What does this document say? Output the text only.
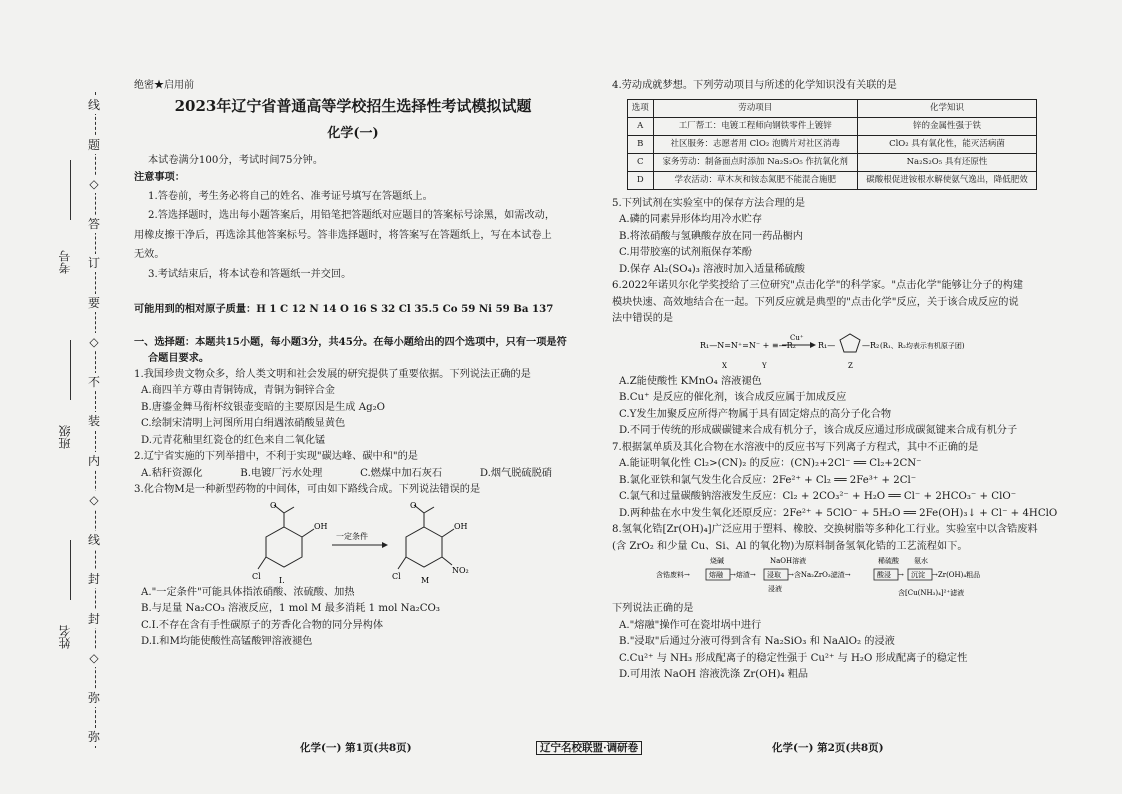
线
题
◇
答
订
要
◇
不
装
内
◇
线
封
封
◇
弥
弥
考号
班级
姓名

绝密★启用前

2023年辽宁省普通高等学校招生选择性考试模拟试题

化学(一)

本试卷满分100分，考试时间75分钟。

注意事项：

1.答卷前，考生务必将自己的姓名、准考证号填写在答题纸上。

2.答选择题时，选出每小题答案后，用铅笔把答题纸对应题目的答案标号涂黑，如需改动，

用橡皮擦干净后，再选涂其他答案标号。答非选择题时，将答案写在答题纸上，写在本试卷上

无效。

3.考试结束后，将本试卷和答题纸一并交回。

可能用到的相对原子质量：H 1 C 12 N 14 O 16 S 32 Cl 35.5 Co 59 Ni 59 Ba 137

一、选择题：本题共15小题，每小题3分，共45分。在每小题给出的四个选项中，只有一项是符

合题目要求。

1.我国珍贵文物众多，给人类文明和社会发展的研究提供了重要依据。下列说法正确的是

A.商四羊方尊由青铜铸成，青铜为铜锌合金

B.唐鎏金舞马衔杯纹银壶变暗的主要原因是生成 Ag₂O

C.绘制宋清明上河图所用白绢遇浓硝酸显黄色

D.元青花釉里红瓷仓的红色来自二氧化锰

2.辽宁省实施的下列举措中，不利于实现"碳达峰、碳中和"的是

A.秸秆资源化	B.电镀厂污水处理	C.燃煤中加石灰石	D.烟气脱硫脱硝

3.化合物M是一种新型药物的中间体，可由如下路线合成。下列说法错误的是

OH
O
Cl
一定条件
OH
O
Cl
NO₂
I.	M

A."一定条件"可能具体指浓硝酸、浓硫酸、加热

B.与足量 Na₂CO₃ 溶液反应，1 mol M 最多消耗 1 mol Na₂CO₃

C.I.不存在含有手性碳原子的芳香化合物的同分异构体

D.I.和M均能使酸性高锰酸钾溶液褪色

4.劳动成就梦想。下列劳动项目与所述的化学知识没有关联的是

选项	劳动项目	化学知识
A	工厂帮工：电镀工程师向钢铁零件上镀锌	锌的金属性强于铁
B	社区服务：志愿者用 ClO₂ 泡腾片对社区消毒	ClO₂ 具有氧化性，能灭活病菌
C	家务劳动：制备面点时添加 Na₂S₂O₅ 作抗氧化剂	Na₂S₂O₅ 具有还原性
D	学农活动：草木灰和铵态氮肥不能混合施肥	碳酸根促进铵根水解使氨气逸出，降低肥效

5.下列试剂在实验室中的保存方法合理的是

A.磷的同素异形体均用冷水贮存

B.将浓硝酸与氢碘酸存放在同一药品橱内

C.用带胶塞的试剂瓶保存苯酚

D.保存 Al₂(SO₄)₃ 溶液时加入适量稀硫酸

6.2022年诺贝尔化学奖授给了三位研究"点击化学"的科学家。"点击化学"能够让分子的构建

模块快速、高效地结合在一起。下列反应就是典型的"点击化学"反应，关于该合成反应的说

法中错误的是

R₁—N=N⁺=N⁻ + ≡—R₂
Cu⁺
R₁—	—R₂ (R₁、R₂均表示有机原子团)
X	Y	Z

A.Z能使酸性 KMnO₄ 溶液褪色

B.Cu⁺ 是反应的催化剂，该合成反应属于加成反应

C.Y发生加聚反应所得产物属于具有固定熔点的高分子化合物

D.不同于传统的形成碳碳键来合成有机分子，该合成反应通过形成碳氮键来合成有机分子

7.根据氯单质及其化合物在水溶液中的反应书写下列离子方程式，其中不正确的是

A.能证明氧化性 Cl₂>(CN)₂ 的反应：(CN)₂+2Cl⁻ ══ Cl₂+2CN⁻

B.氯化亚铁和氯气发生化合反应：2Fe²⁺ + Cl₂ ══ 2Fe³⁺ + 2Cl⁻

C.氯气和过量碳酸钠溶液发生反应：Cl₂ + 2CO₃²⁻ + H₂O ══ Cl⁻ + 2HCO₃⁻ + ClO⁻

D.两种盐在水中发生氧化还原反应：2Fe²⁺ + 5ClO⁻ + 5H₂O ══ 2Fe(OH)₃↓ + Cl⁻ + 4HClO

8.氢氧化锆[Zr(OH)₄]广泛应用于塑料、橡胶、交换树脂等多种化工行业。实验室中以含锆废料

(含 ZrO₂ 和少量 Cu、Si、Al 的氧化物)为原料制备氢氧化锆的工艺流程如下。

烧碱	NaOH溶液	稀硫酸 氨水
含锆废料→	熔融 →熔渣→ 浸取 →含Na₂ZrO₃滤渣→	酸浸 → 沉淀 →Zr(OH)₄粗品
浸液	含[Cu(NH₃)₄]²⁺滤液

下列说法正确的是

A."熔融"操作可在瓷坩埚中进行

B."浸取"后通过分液可得到含有 Na₂SiO₃ 和 NaAlO₂ 的浸液

C.Cu²⁺ 与 NH₃ 形成配离子的稳定性强于 Cu²⁺ 与 H₂O 形成配离子的稳定性

D.可用浓 NaOH 溶液洗涤 Zr(OH)₄ 粗品

化学(一) 第1页(共8页)	辽宁名校联盟·调研卷	化学(一) 第2页(共8页)
